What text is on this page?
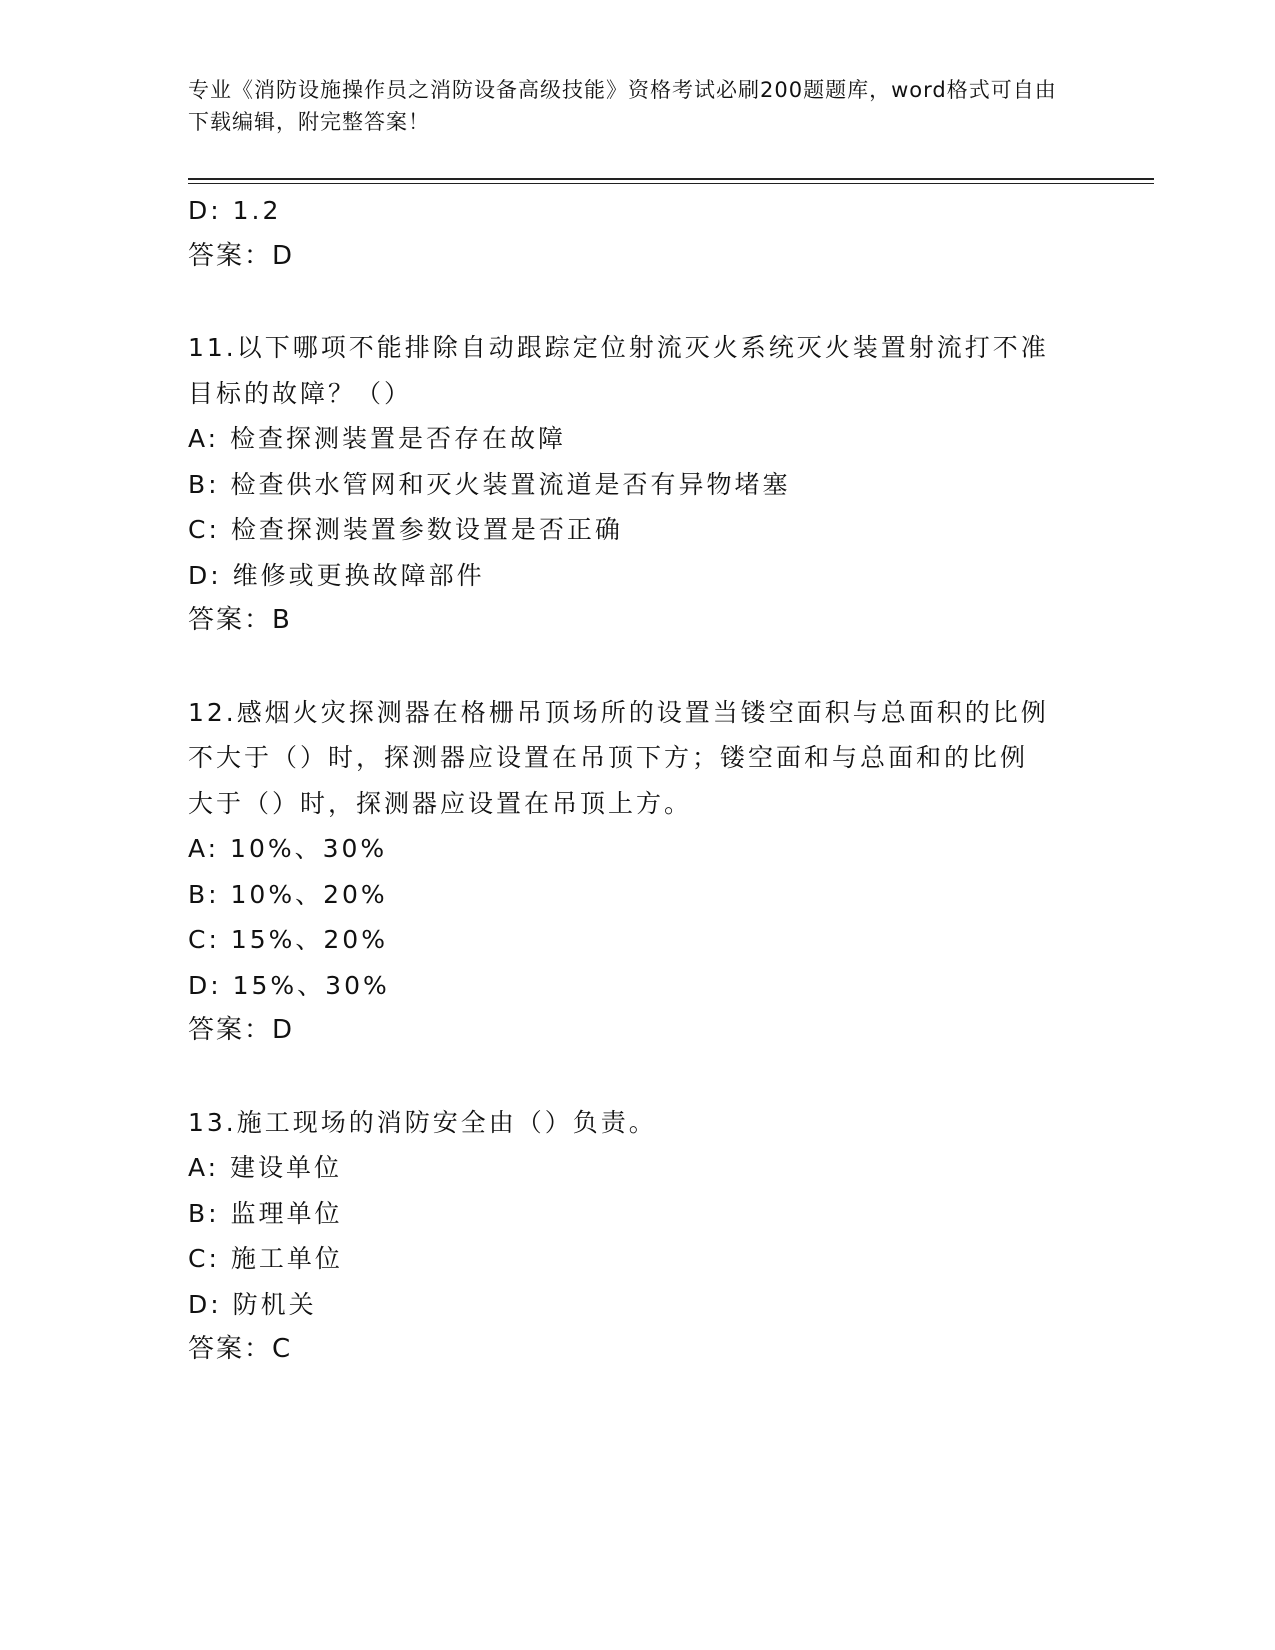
专业《消防设施操作员之消防设备高级技能》资格考试必刷200题题库，word格式可自由下载编辑，附完整答案！
D: 1.2
答案：D
11.以下哪项不能排除自动跟踪定位射流灭火系统灭火装置射流打不准
目标的故障？（）
A: 检查探测装置是否存在故障
B: 检查供水管网和灭火装置流道是否有异物堵塞
C: 检查探测装置参数设置是否正确
D: 维修或更换故障部件
答案：B
12.感烟火灾探测器在格栅吊顶场所的设置当镂空面积与总面积的比例
不大于（）时，探测器应设置在吊顶下方；镂空面和与总面和的比例
大于（）时，探测器应设置在吊顶上方。
A: 10%、30%
B: 10%、20%
C: 15%、20%
D: 15%、30%
答案：D
13.施工现场的消防安全由（）负责。
A: 建设单位
B: 监理单位
C: 施工单位
D: 防机关
答案：C
